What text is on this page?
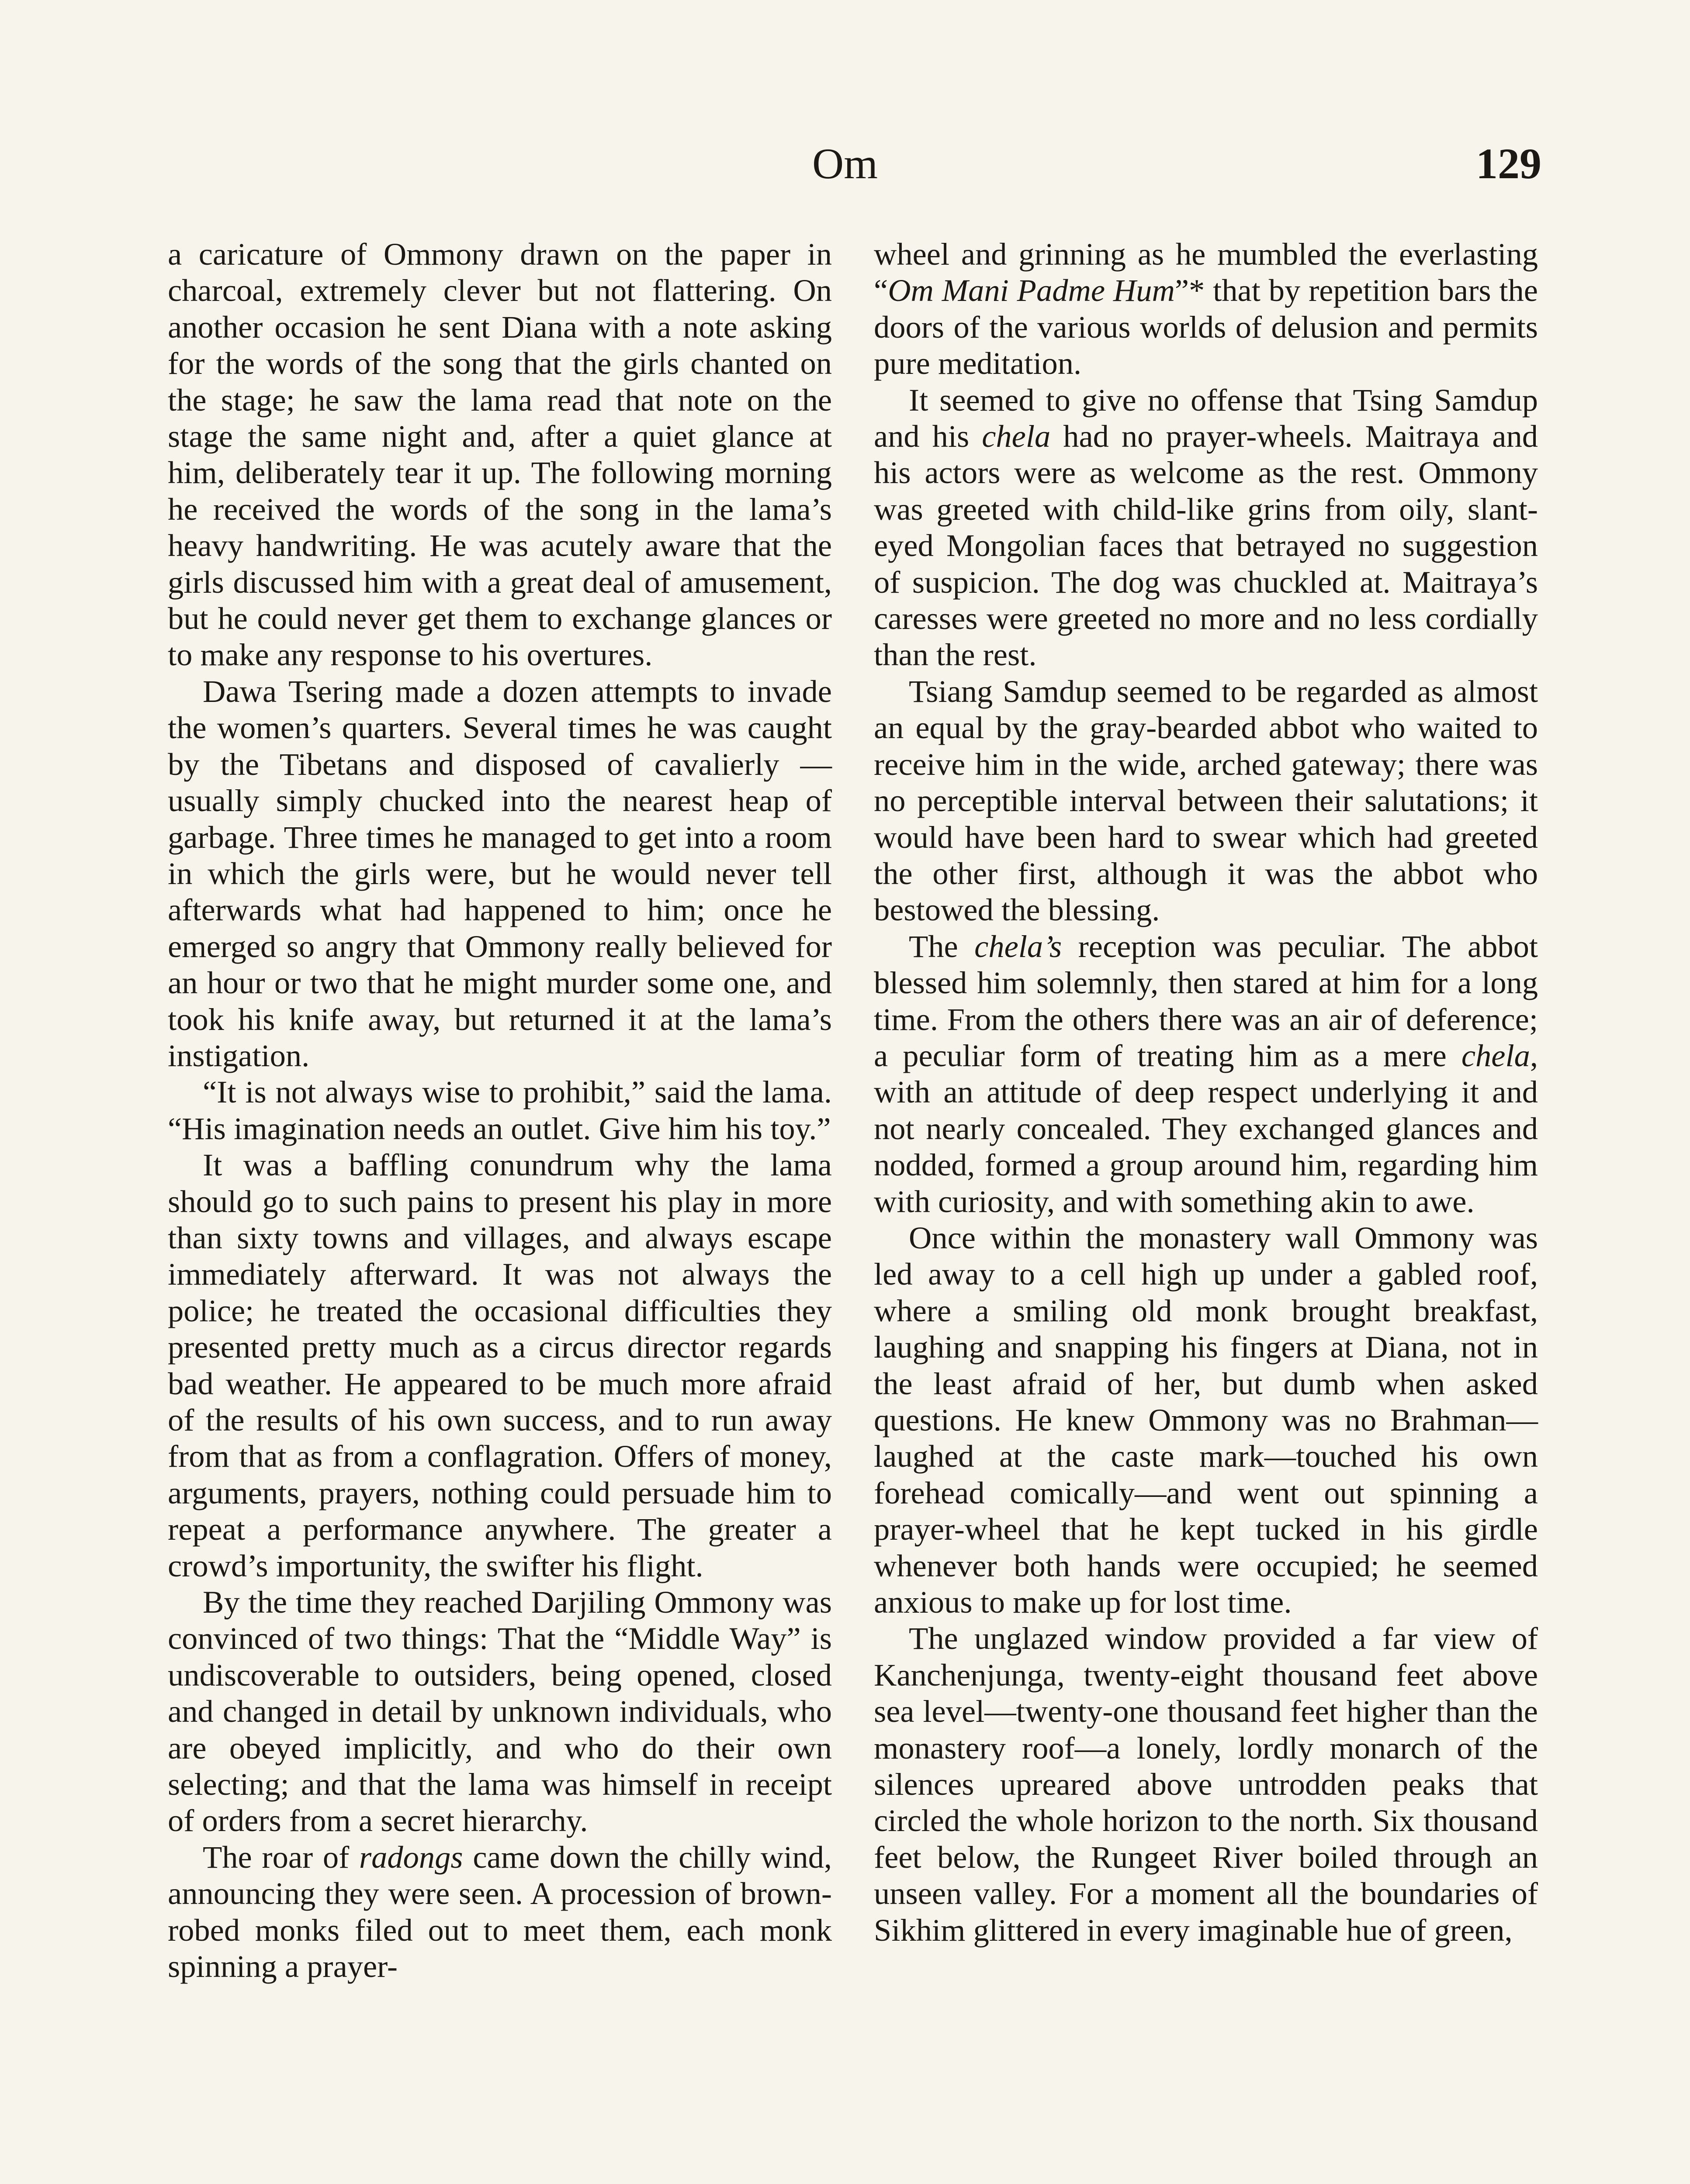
Om	129

a caricature of Ommony drawn on the paper in charcoal, extremely clever but not flattering. On another occasion he sent Diana with a note asking for the words of the song that the girls chanted on the stage; he saw the lama read that note on the stage the same night and, after a quiet glance at him, deliberately tear it up. The following morning he received the words of the song in the lama’s heavy handwriting. He was acutely aware that the girls discussed him with a great deal of amusement, but he could never get them to exchange glances or to make any response to his overtures.

Dawa Tsering made a dozen attempts to invade the women’s quarters. Several times he was caught by the Tibetans and disposed of cavalierly — usually simply chucked into the nearest heap of garbage. Three times he managed to get into a room in which the girls were, but he would never tell afterwards what had happened to him; once he emerged so angry that Ommony really believed for an hour or two that he might murder some one, and took his knife away, but returned it at the lama’s instigation.

“It is not always wise to prohibit,” said the lama. “His imagination needs an outlet. Give him his toy.”

It was a baffling conundrum why the lama should go to such pains to present his play in more than sixty towns and villages, and always escape immediately afterward. It was not always the police; he treated the occasional difficulties they presented pretty much as a circus director regards bad weather. He appeared to be much more afraid of the results of his own success, and to run away from that as from a conflagration. Offers of money, arguments, prayers, nothing could persuade him to repeat a performance anywhere. The greater a crowd’s importunity, the swifter his flight.

By the time they reached Darjiling Ommony was convinced of two things: That the “Middle Way” is undiscoverable to outsiders, being opened, closed and changed in detail by unknown individuals, who are obeyed implicitly, and who do their own selecting; and that the lama was himself in receipt of orders from a secret hierarchy.

The roar of radongs came down the chilly wind, announcing they were seen. A procession of brown-robed monks filed out to meet them, each monk spinning a prayer-

wheel and grinning as he mumbled the everlasting “Om Mani Padme Hum”* that by repetition bars the doors of the various worlds of delusion and permits pure meditation.

It seemed to give no offense that Tsing Samdup and his chela had no prayer-wheels. Maitraya and his actors were as welcome as the rest. Ommony was greeted with child-like grins from oily, slant-eyed Mongolian faces that betrayed no suggestion of suspicion. The dog was chuckled at. Maitraya’s caresses were greeted no more and no less cordially than the rest.

Tsiang Samdup seemed to be regarded as almost an equal by the gray-bearded abbot who waited to receive him in the wide, arched gateway; there was no perceptible interval between their salutations; it would have been hard to swear which had greeted the other first, although it was the abbot who bestowed the blessing.

The chela’s reception was peculiar. The abbot blessed him solemnly, then stared at him for a long time. From the others there was an air of deference; a peculiar form of treating him as a mere chela, with an attitude of deep respect underlying it and not nearly concealed. They exchanged glances and nodded, formed a group around him, regarding him with curiosity, and with something akin to awe.

Once within the monastery wall Ommony was led away to a cell high up under a gabled roof, where a smiling old monk brought breakfast, laughing and snapping his fingers at Diana, not in the least afraid of her, but dumb when asked questions. He knew Ommony was no Brahman—laughed at the caste mark—touched his own forehead comically—and went out spinning a prayer-wheel that he kept tucked in his girdle whenever both hands were occupied; he seemed anxious to make up for lost time.

The unglazed window provided a far view of Kanchenjunga, twenty-eight thousand feet above sea level—twenty-one thousand feet higher than the monastery roof—a lonely, lordly monarch of the silences upreared above untrodden peaks that circled the whole horizon to the north. Six thousand feet below, the Rungeet River boiled through an unseen valley. For a moment all the boundaries of Sikhim glittered in every imaginable hue of green,
